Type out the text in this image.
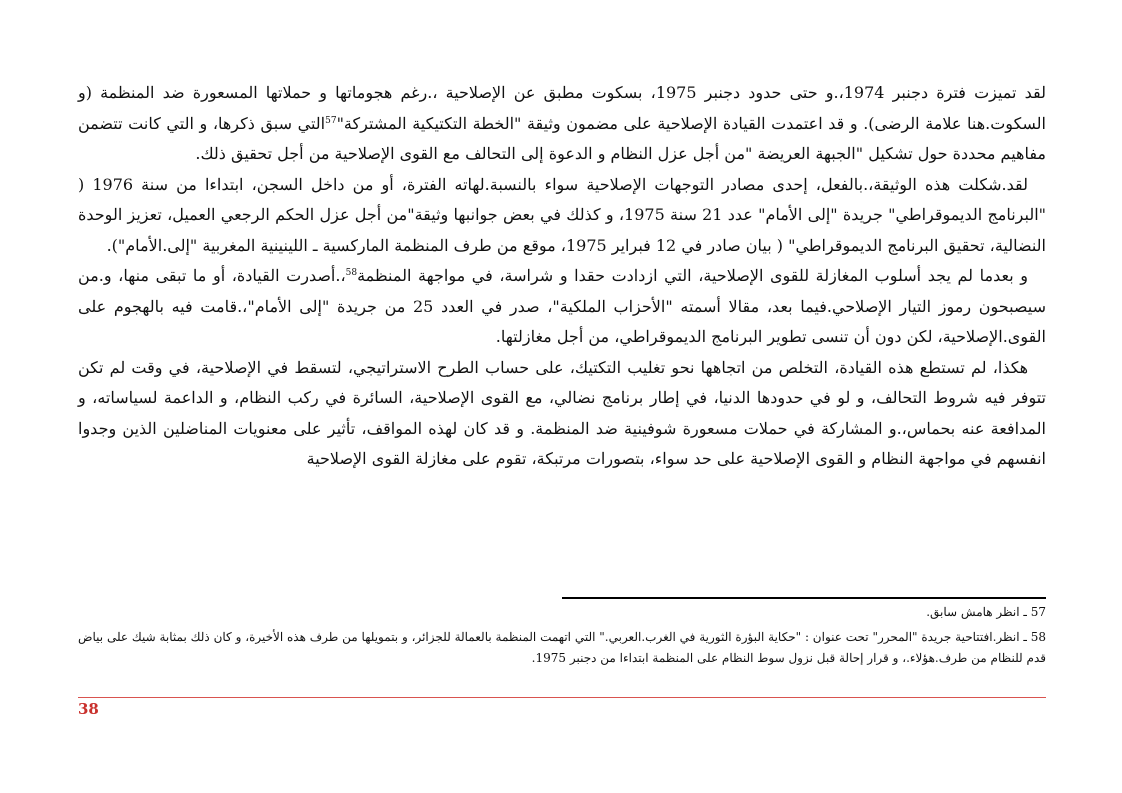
لقد تميزت فترة دجنبر 1974،.و حتى حدود دجنبر 1975، بسكوت مطبق عن الإصلاحية ،.رغم هجوماتها و حملاتها المسعورة ضد المنظمة (و السكوت.هنا علامة الرضى). و قد اعتمدت القيادة الإصلاحية على مضمون وثيقة "الخطة التكتيكية المشتركة"$^{57}$التي سبق ذكرها، و التي كانت تتضمن مفاهيم محددة حول تشكيل "الجبهة العريضة "من أجل عزل النظام و الدعوة إلى التحالف مع القوى الإصلاحية من أجل تحقيق ذلك.

لقد.شكلت هذه الوثيقة،.بالفعل، إحدى مصادر التوجهات الإصلاحية سواء بالنسبة.لهاته الفترة، أو من داخل السجن، ابتداءا من سنة 1976 ( "البرنامج الديموقراطي" جريدة "إلى الأمام" عدد 21 سنة 1975، و كذلك في بعض جوانبها وثيقة"من أجل عزل الحكم الرجعي العميل، تعزيز الوحدة النضالية، تحقيق البرنامج الديموقراطي" ( بيان صادر في 12 فبراير 1975، موقع من طرف المنظمة الماركسية ـ اللينينية المغربية "إلى.الأمام").

و بعدما لم يجد أسلوب المغازلة للقوى الإصلاحية، التي ازدادت حقدا و شراسة، في مواجهة المنظمة$^{58}$،.أصدرت القيادة، أو ما تبقى منها، و.من سيصبحون رموز التيار الإصلاحي.فيما بعد، مقالا أسمته "الأحزاب الملكية"، صدر في العدد 25 من جريدة "إلى الأمام"،.قامت فيه بالهجوم على القوى.الإصلاحية، لكن دون أن تنسى تطوير البرنامج الديموقراطي، من أجل مغازلتها.

هكذا، لم تستطع هذه القيادة، التخلص من اتجاهها نحو تغليب التكتيك، على حساب الطرح الاستراتيجي، لتسقط في الإصلاحية، في وقت لم تكن تتوفر فيه شروط التحالف، و لو في حدودها الدنيا، في إطار برنامج نضالي، مع القوى الإصلاحية، السائرة في ركب النظام، و الداعمة لسياساته، و المدافعة عنه بحماس،.و المشاركة في حملات مسعورة شوفينية ضد المنظمة. و قد كان لهذه المواقف، تأثير على معنويات المناضلين الذين وجدوا انفسهم في مواجهة النظام و القوى الإصلاحية على حد سواء، بتصورات مرتبكة، تقوم على مغازلة القوى الإصلاحية

57 ـ انظر هامش سابق.

58 ـ انظر.افتتاحية جريدة "المحرر" تحت عنوان : "حكاية البؤرة الثورية في الغرب.العربي." التي اتهمت المنظمة بالعمالة للجزائر، و بتمويلها من طرف هذه الأخيرة، و كان ذلك بمثابة شيك على بياض قدم للنظام من طرف.هؤلاء.، و قرار إحالة قبل نزول سوط النظام على المنظمة ابتداءا من دجنبر 1975.

38
